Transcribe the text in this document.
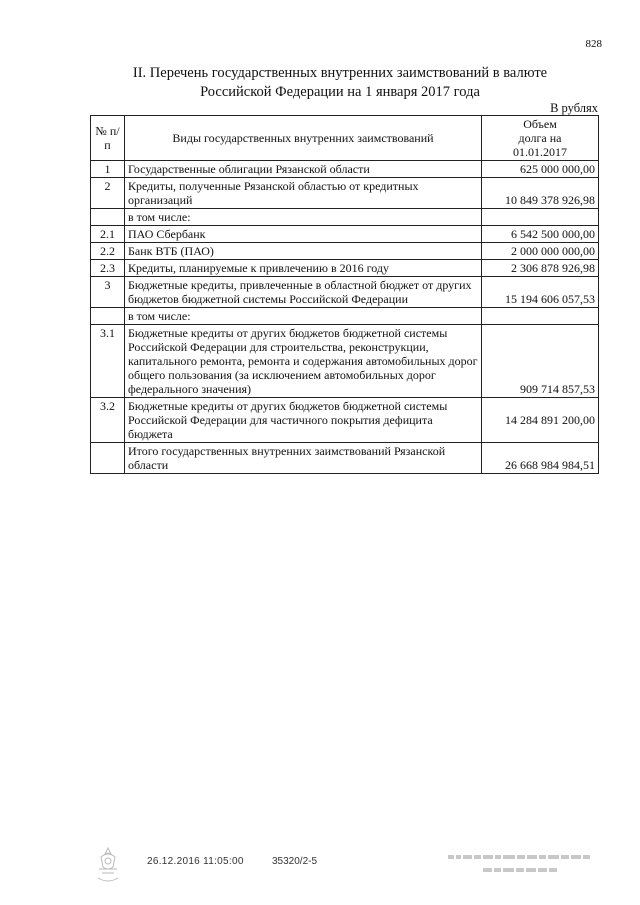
828
II. Перечень государственных внутренних заимствований в валюте
Российской Федерации на 1 января 2017 года
В рублях
№ п/п	Виды государственных внутренних заимствований	Объем
долга на
01.01.2017

1	Государственные облигации Рязанской области	625 000 000,00
2	Кредиты, полученные Рязанской областью от кредитных организаций	10 849 378 926,98
	в том числе:	
2.1	ПАО Сбербанк	6 542 500 000,00
2.2	Банк ВТБ (ПАО)	2 000 000 000,00
2.3	Кредиты, планируемые к привлечению в 2016 году	2 306 878 926,98
3	Бюджетные кредиты, привлеченные в областной бюджет от других бюджетов бюджетной системы Российской Федерации	15 194 606 057,53
	в том числе:	
3.1	Бюджетные кредиты от других бюджетов бюджетной системы Российской Федерации для строительства, реконструкции, капитального ремонта, ремонта и содержания автомобильных дорог общего пользования (за исключением автомобильных дорог федерального значения)	909 714 857,53
3.2	Бюджетные кредиты от других бюджетов бюджетной системы Российской Федерации для частичного покрытия дефицита бюджета	14 284 891 200,00
	Итого государственных внутренних заимствований Рязанской области	26 668 984 984,51
26.12.2016 11:05:00	35320/2-5
